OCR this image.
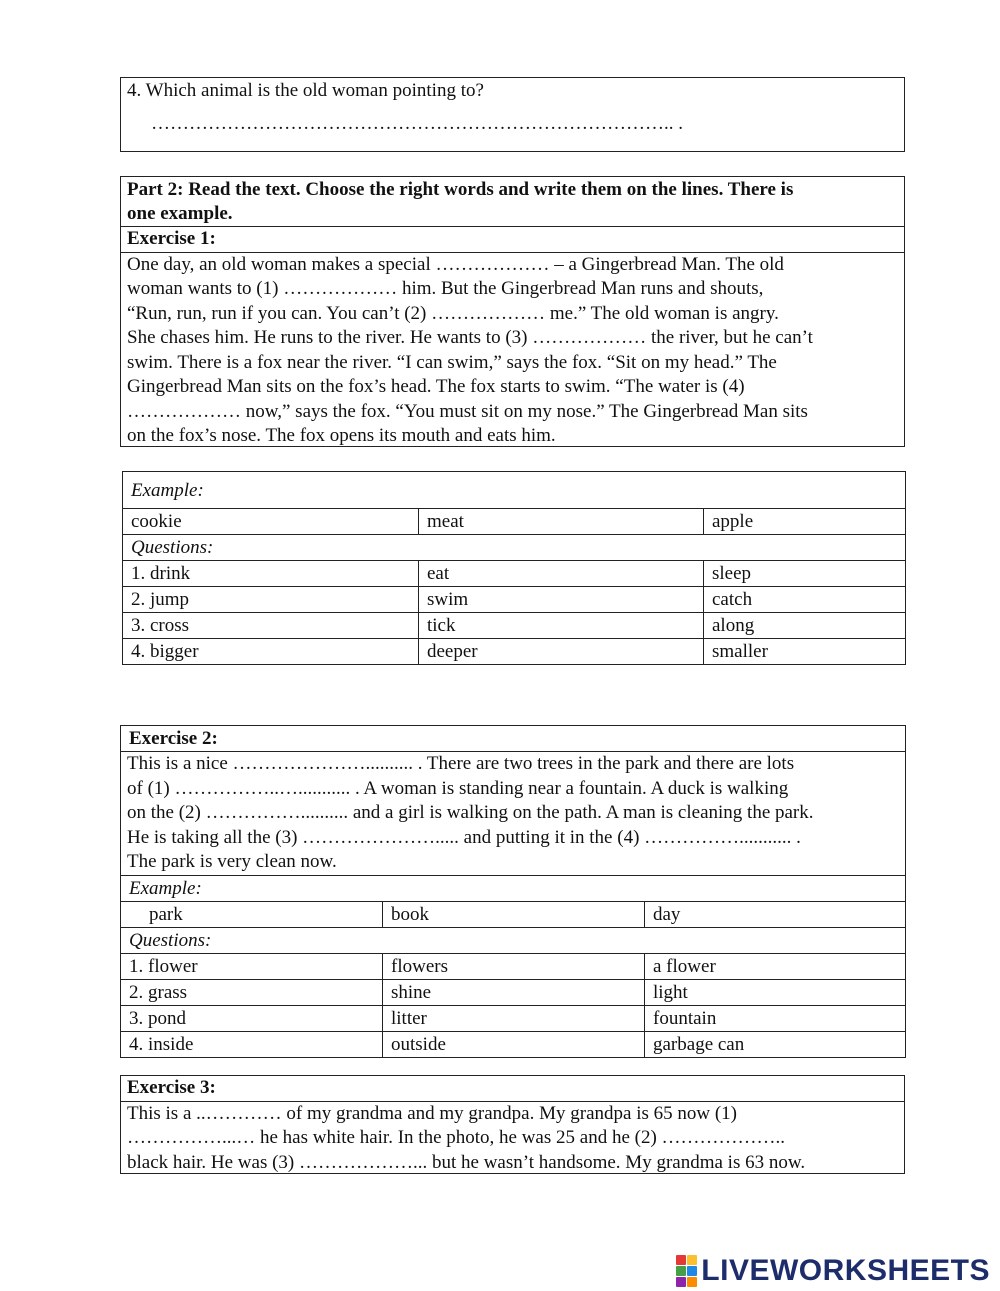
4. Which animal is the old woman pointing to?
……………………………………………………………………….. .
Part 2: Read the text. Choose the right words and write them on the lines. There is
one example.
Exercise 1:
One day, an old woman makes a special ……………… – a Gingerbread Man. The old
woman wants to (1) ……………… him. But the Gingerbread Man runs and shouts,
“Run, run, run if you can. You can’t (2) ……………… me.” The old woman is angry.
She chases him. He runs to the river. He wants to (3) ……………… the river, but he can’t
swim. There is a fox near the river. “I can swim,” says the fox. “Sit on my head.” The
Gingerbread Man sits on the fox’s head. The fox starts to swim. “The water is (4)
……………… now,” says the fox. “You must sit on my nose.” The Gingerbread Man sits
on the fox’s nose. The fox opens its mouth and eats him.
Example:		
cookie	meat	apple
Questions:		
1. drink	eat	sleep
2. jump	swim	catch
3. cross	tick	along
4. bigger	deeper	smaller
Exercise 2:		

This is a nice ………………….......... . There are two trees in the park and there are lots
of (1) ……………..…........... . A woman is standing near a fountain. A duck is walking
on the (2) …………….......... and a girl is walking on the path. A man is cleaning the park.
He is taking all the (3) …………………..... and putting it in the (4) ……………........... .
The park is very clean now.		

Example:		
park	book	day
Questions:		
1. flower	flowers	a flower
2. grass	shine	light
3. pond	litter	fountain
4. inside	outside	garbage can
Exercise 3:
This is a ..………… of my grandma and my grandpa. My grandpa is 65 now (1)
……………...… he has white hair. In the photo, he was 25 and he (2) ………………..
black hair. He was (3) ………………... but he wasn’t handsome. My grandma is 63 now.
LIVEWORKSHEETS
